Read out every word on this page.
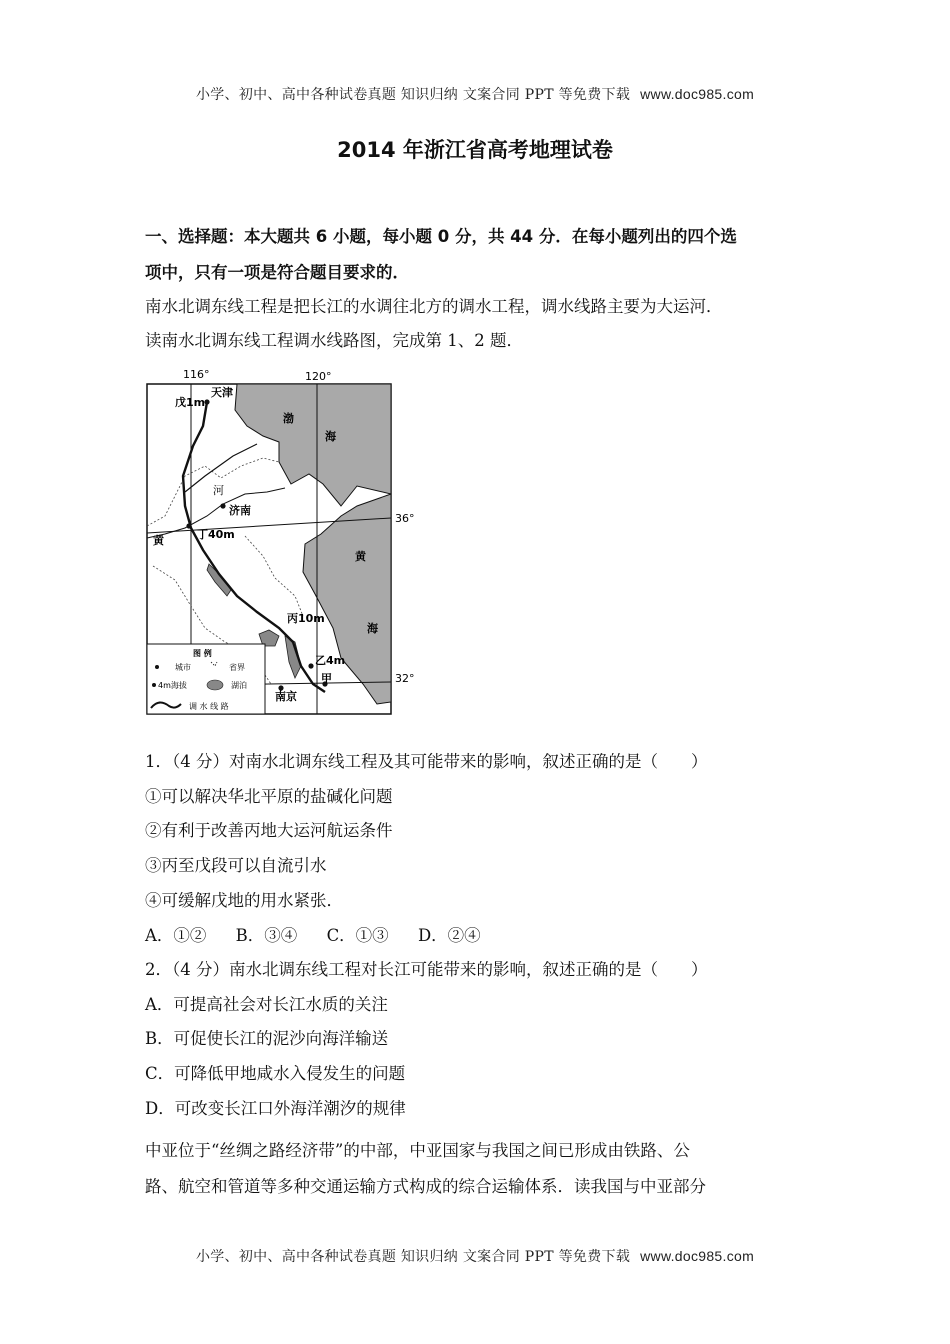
小学、初中、高中各种试卷真题 知识归纳 文案合同 PPT 等免费下载 www.doc985.com
2014 年浙江省高考地理试卷
一、选择题：本大题共 6 小题，每小题 0 分，共 44 分．在每小题列出的四个选
项中，只有一项是符合题目要求的．
南水北调东线工程是把长江的水调往北方的调水工程，调水线路主要为大运河．
读南水北调东线工程调水线路图，完成第 1、2 题．
116°	120°
36°
32°
天津
戊1m
渤
海
河
济南
黄	丁40m
黄
海
丙10m
乙4m
甲
南京
图 例
城市	省界
4m海拔	湖泊
调 水 线 路
1．（4 分）对南水北调东线工程及其可能带来的影响，叙述正确的是（　　）
①可以解决华北平原的盐碱化问题
②有利于改善丙地大运河航运条件
③丙至戊段可以自流引水
④可缓解戊地的用水紧张．
A．①② B．③④ C．①③ D．②④
2．（4 分）南水北调东线工程对长江可能带来的影响，叙述正确的是（　　）
A．可提高社会对长江水质的关注
B．可促使长江的泥沙向海洋输送
C．可降低甲地咸水入侵发生的问题
D．可改变长江口外海洋潮汐的规律
中亚位于“丝绸之路经济带”的中部，中亚国家与我国之间已形成由铁路、公
路、航空和管道等多种交通运输方式构成的综合运输体系．读我国与中亚部分
小学、初中、高中各种试卷真题 知识归纳 文案合同 PPT 等免费下载 www.doc985.com
